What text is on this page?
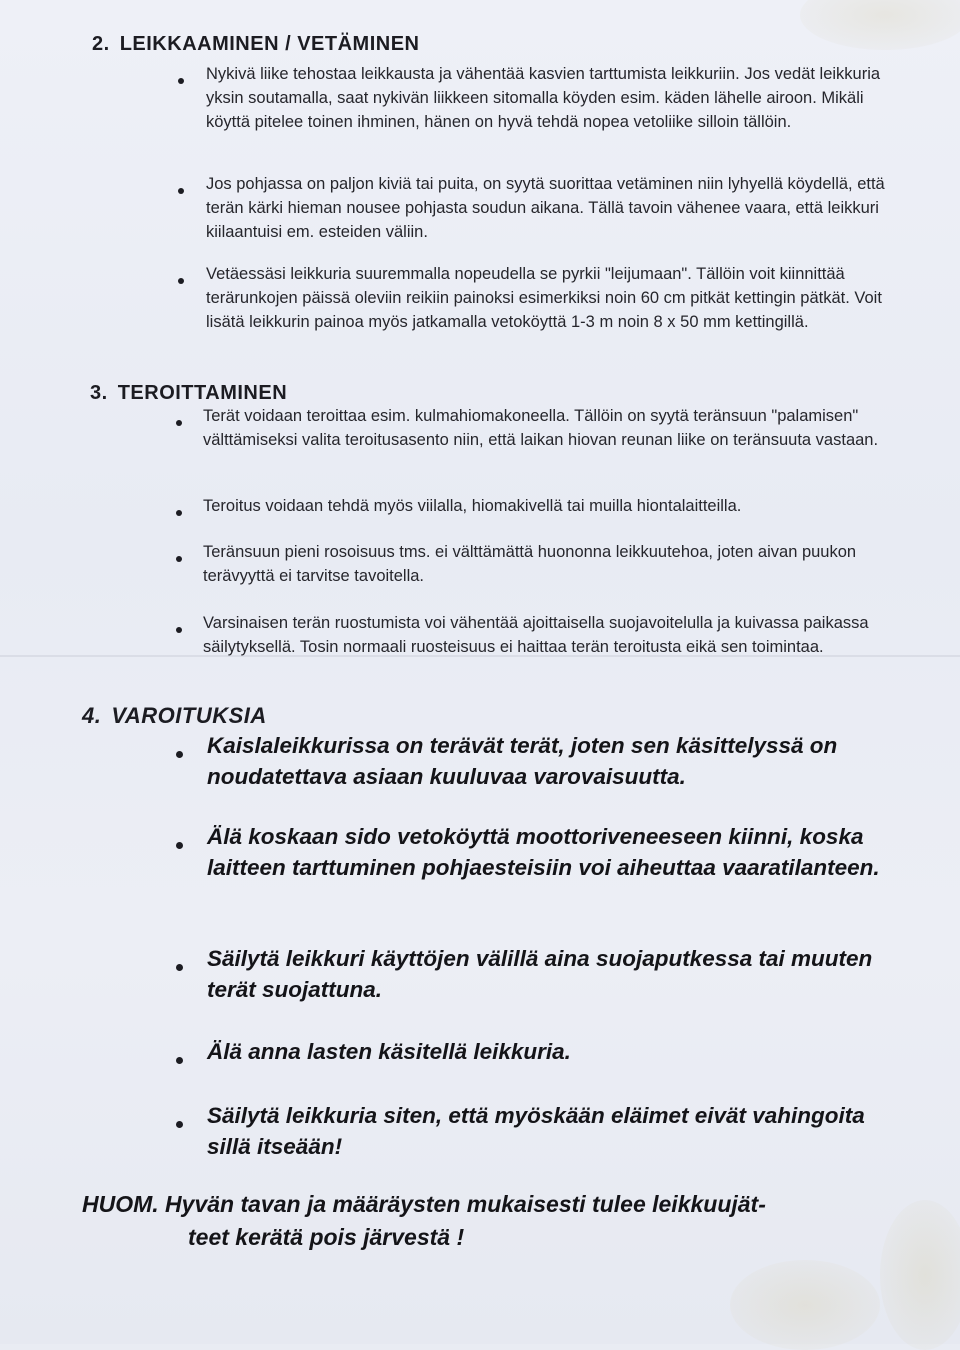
2. LEIKKAAMINEN / VETÄMINEN
Nykivä liike tehostaa leikkausta ja vähentää kasvien tarttumista leikkuriin. Jos vedät leikkuria yksin soutamalla, saat nykivän liikkeen sitomalla köyden esim. käden lähelle airoon. Mikäli köyttä pitelee toinen ihminen, hänen on hyvä tehdä nopea vetoliike silloin tällöin.
Jos pohjassa on paljon kiviä tai puita, on syytä suorittaa vetäminen niin lyhyellä köydellä, että terän kärki hieman nousee pohjasta soudun aikana. Tällä tavoin vähenee vaara, että leikkuri kiilaantuisi em. esteiden väliin.
Vetäessäsi leikkuria suuremmalla nopeudella se pyrkii "leijumaan". Tällöin voit kiinnittää terärunkojen päissä oleviin reikiin painoksi esimerkiksi noin 60 cm pitkät kettingin pätkät. Voit lisätä leikkurin painoa myös jatkamalla vetoköyttä 1-3 m noin 8 x 50 mm kettingillä.
3. TEROITTAMINEN
Terät voidaan teroittaa esim. kulmahiomakoneella. Tällöin on syytä teränsuun "palamisen" välttämiseksi valita teroitusasento niin, että laikan hiovan reunan liike on teränsuuta vastaan.
Teroitus voidaan tehdä myös viilalla, hiomakivellä tai muilla hiontalaitteilla.
Teränsuun pieni rosoisuus tms. ei välttämättä huononna leikkuutehoa, joten aivan puukon terävyyttä ei tarvitse tavoitella.
Varsinaisen terän ruostumista voi vähentää ajoittaisella suojavoitelulla ja kuivassa paikassa säilytyksellä. Tosin normaali ruosteisuus ei haittaa terän teroitusta eikä sen toimintaa.
4. VAROITUKSIA
Kaislaleikkurissa on terävät terät, joten sen käsittelyssä on noudatettava asiaan kuuluvaa varovaisuutta.
Älä koskaan sido vetoköyttä moottoriveneeseen kiinni, koska laitteen tarttuminen pohjaesteisiin voi aiheuttaa vaaratilanteen.
Säilytä leikkuri käyttöjen välillä aina suojaputkessa tai muuten terät suojattuna.
Älä anna lasten käsitellä leikkuria.
Säilytä leikkuria siten, että myöskään eläimet eivät vahingoita sillä itseään!
HUOM. Hyvän tavan ja määräysten mukaisesti tulee leikkuujät-
teet kerätä pois järvestä !
